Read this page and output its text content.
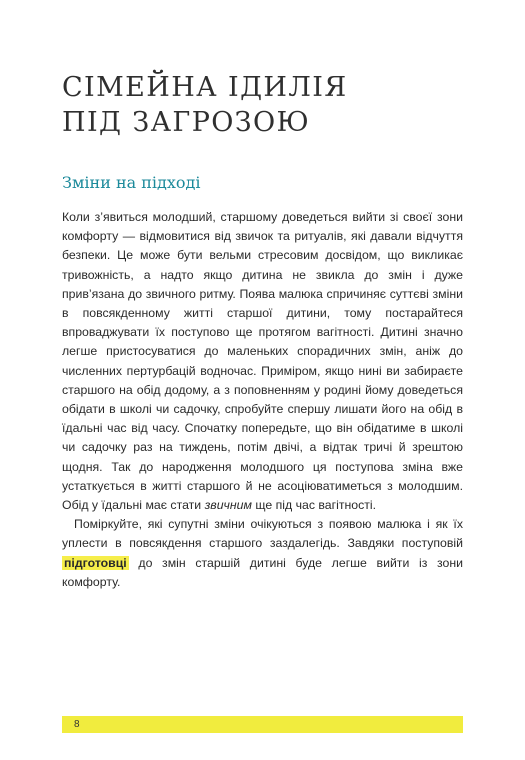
СІМЕЙНА ІДИЛІЯ
ПІД ЗАГРОЗОЮ
Зміни на підході

Коли з’явиться молодший, старшому доведеться вийти зі своєї зони комфорту — відмовитися від звичок та ритуалів, які давали відчуття безпеки. Це може бути вельми стресовим досвідом, що викликає тривожність, а надто якщо дитина не звикла до змін і дуже прив’язана до звичного ритму. Поява малюка спричиняє суттєві зміни в повсякденному житті старшої дитини, тому постарайтеся впроваджувати їх поступово ще протягом вагітності. Дитині значно легше пристосуватися до маленьких спорадичних змін, аніж до численних пертурбацій водночас. Приміром, якщо нині ви забираєте старшого на обід додому, а з поповненням у родині йому доведеться обідати в школі чи садочку, спробуйте спершу лишати його на обід в їдальні час від часу. Спочатку попередьте, що він обідатиме в школі чи садочку раз на тиждень, потім двічі, а відтак тричі й зрештою щодня. Так до народження молодшого ця поступова зміна вже устаткується в житті старшого й не асоціюватиметься з молодшим. Обід у їдальні має стати звичним ще під час вагітності.

Поміркуйте, які супутні зміни очікуються з появою малюка і як їх уплести в повсякдення старшого заздалегідь. Завдяки поступовій підготовці до змін старшій дитині буде легше вийти із зони комфорту.

8
